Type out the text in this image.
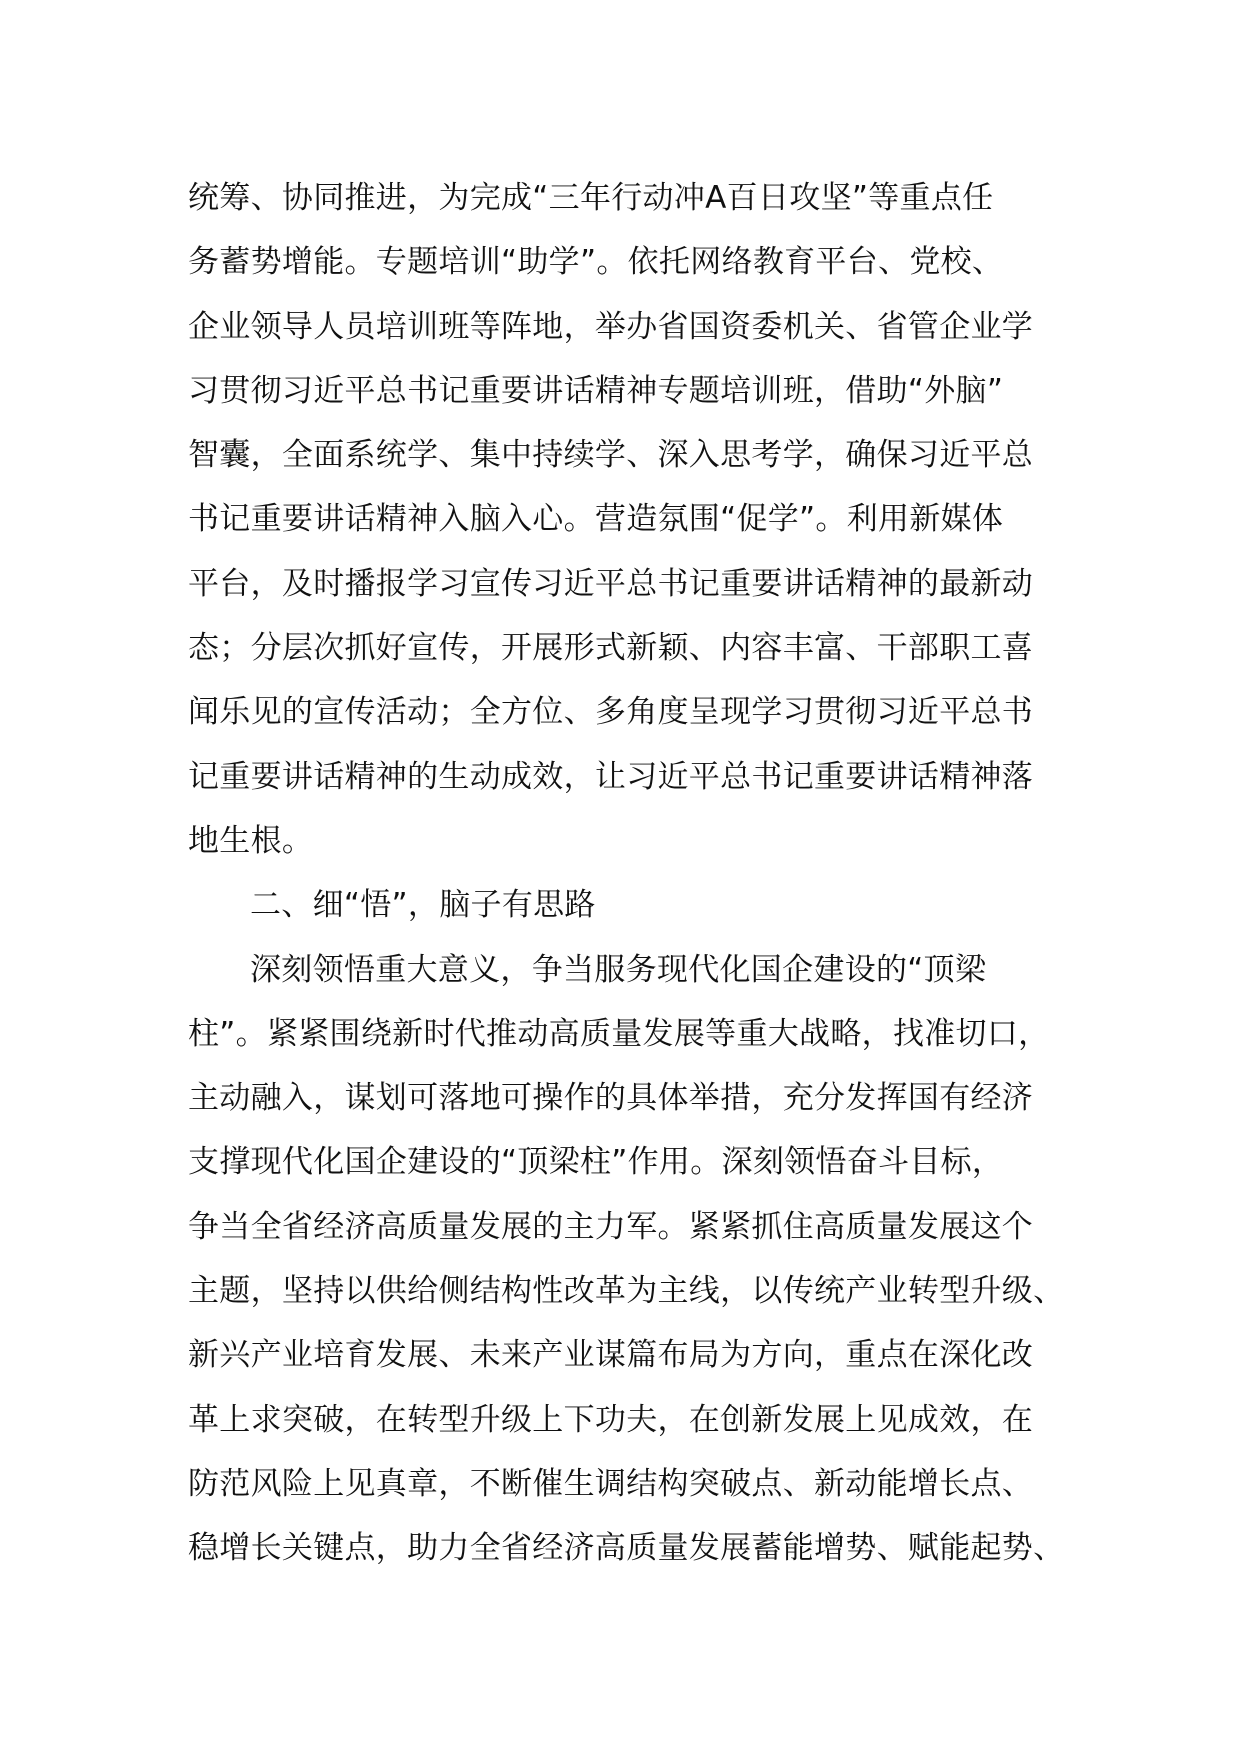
统筹、协同推进，为完成“三年行动冲A百日攻坚”等重点任
务蓄势增能。专题培训“助学”。依托网络教育平台、党校、
企业领导人员培训班等阵地，举办省国资委机关、省管企业学
习贯彻习近平总书记重要讲话精神专题培训班，借助“外脑”
智囊，全面系统学、集中持续学、深入思考学，确保习近平总
书记重要讲话精神入脑入心。营造氛围“促学”。利用新媒体
平台，及时播报学习宣传习近平总书记重要讲话精神的最新动
态；分层次抓好宣传，开展形式新颖、内容丰富、干部职工喜
闻乐见的宣传活动；全方位、多角度呈现学习贯彻习近平总书
记重要讲话精神的生动成效，让习近平总书记重要讲话精神落
地生根。
二、细“悟”，脑子有思路
深刻领悟重大意义，争当服务现代化国企建设的“顶梁
柱”。紧紧围绕新时代推动高质量发展等重大战略，找准切口，
主动融入，谋划可落地可操作的具体举措，充分发挥国有经济
支撑现代化国企建设的“顶梁柱”作用。深刻领悟奋斗目标，
争当全省经济高质量发展的主力军。紧紧抓住高质量发展这个
主题，坚持以供给侧结构性改革为主线，以传统产业转型升级、
新兴产业培育发展、未来产业谋篇布局为方向，重点在深化改
革上求突破，在转型升级上下功夫，在创新发展上见成效，在
防范风险上见真章，不断催生调结构突破点、新动能增长点、
稳增长关键点，助力全省经济高质量发展蓄能增势、赋能起势、
